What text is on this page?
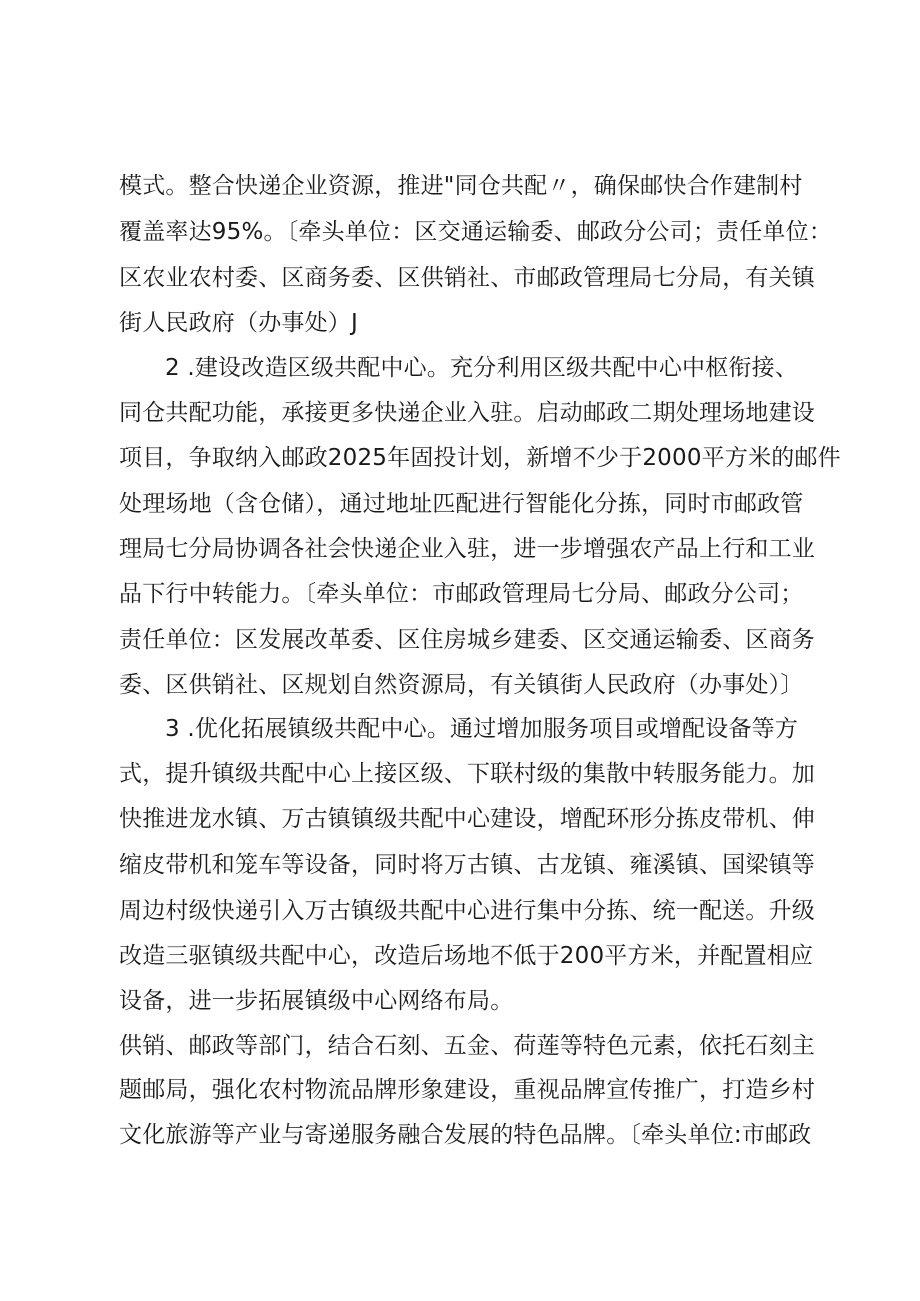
模式。整合快递企业资源，推进"同仓共配〃，确保邮快合作建制村
覆盖率达95%。〔牵头单位：区交通运输委、邮政分公司；责任单位：
区农业农村委、区商务委、区供销社、市邮政管理局七分局，有关镇
街人民政府（办事处）J
2 .建设改造区级共配中心。充分利用区级共配中心中枢衔接、
同仓共配功能，承接更多快递企业入驻。启动邮政二期处理场地建设
项目，争取纳入邮政2025年固投计划，新增不少于2000平方米的邮件
处理场地（含仓储），通过地址匹配进行智能化分拣，同时市邮政管
理局七分局协调各社会快递企业入驻，进一步增强农产品上行和工业
品下行中转能力。〔牵头单位：市邮政管理局七分局、邮政分公司；
责任单位：区发展改革委、区住房城乡建委、区交通运输委、区商务
委、区供销社、区规划自然资源局，有关镇街人民政府（办事处）〕
3 .优化拓展镇级共配中心。通过增加服务项目或增配设备等方
式，提升镇级共配中心上接区级、下联村级的集散中转服务能力。加
快推进龙水镇、万古镇镇级共配中心建设，增配环形分拣皮带机、伸
缩皮带机和笼车等设备，同时将万古镇、古龙镇、雍溪镇、国梁镇等
周边村级快递引入万古镇级共配中心进行集中分拣、统一配送。升级
改造三驱镇级共配中心，改造后场地不低于200平方米，并配置相应
设备，进一步拓展镇级中心网络布局。
供销、邮政等部门，结合石刻、五金、荷莲等特色元素，依托石刻主
题邮局，强化农村物流品牌形象建设，重视品牌宣传推广，打造乡村
文化旅游等产业与寄递服务融合发展的特色品牌。〔牵头单位:市邮政
